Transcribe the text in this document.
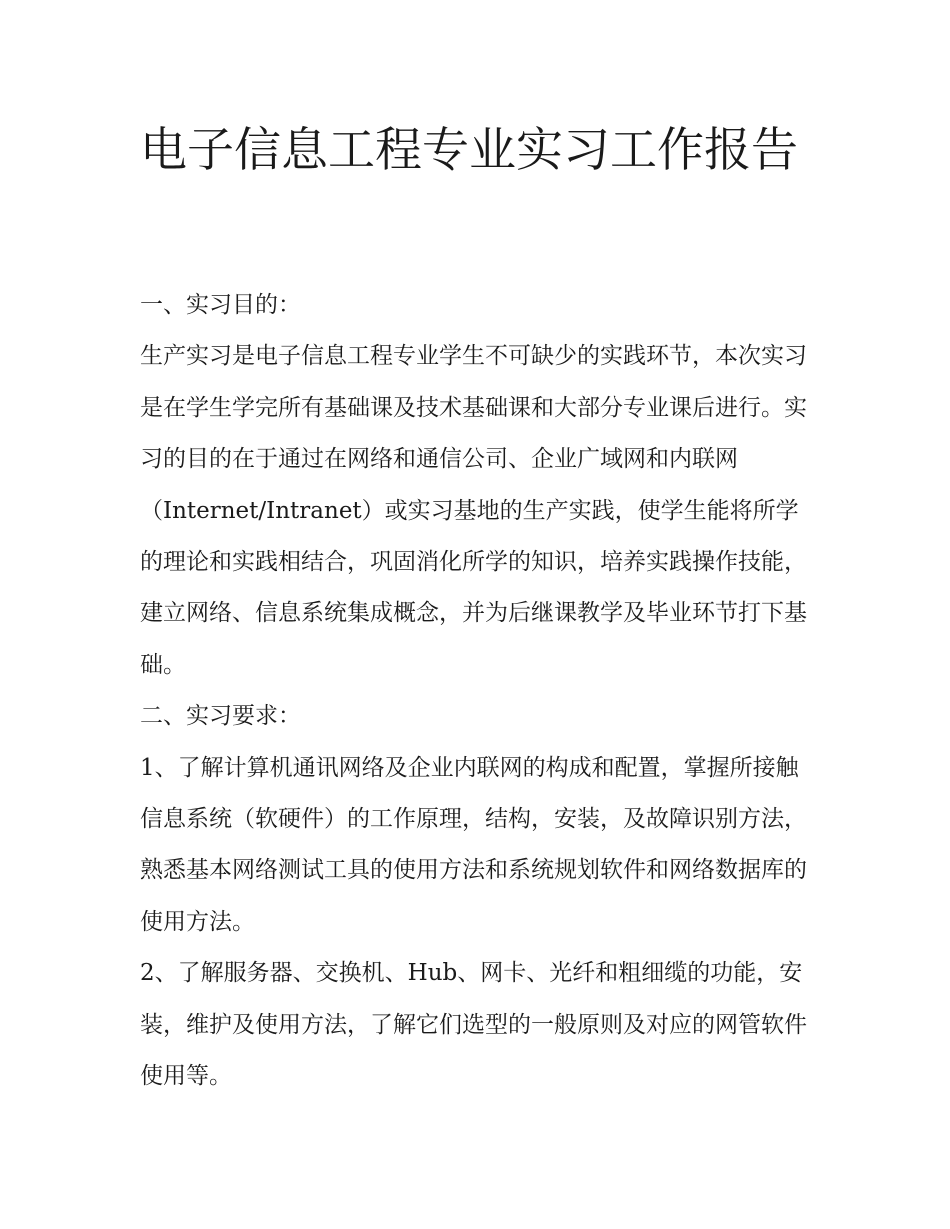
电子信息工程专业实习工作报告

一、实习目的：

生产实习是电子信息工程专业学生不可缺少的实践环节，本次实习是在学生学完所有基础课及技术基础课和大部分专业课后进行。实习的目的在于通过在网络和通信公司、企业广域网和内联网（Internet/Intranet）或实习基地的生产实践，使学生能将所学的理论和实践相结合，巩固消化所学的知识，培养实践操作技能，建立网络、信息系统集成概念，并为后继课教学及毕业环节打下基础。

二、实习要求：

1、了解计算机通讯网络及企业内联网的构成和配置，掌握所接触信息系统（软硬件）的工作原理，结构，安装，及故障识别方法，熟悉基本网络测试工具的使用方法和系统规划软件和网络数据库的使用方法。

2、了解服务器、交换机、Hub、网卡、光纤和粗细缆的功能，安装，维护及使用方法，了解它们选型的一般原则及对应的网管软件使用等。
